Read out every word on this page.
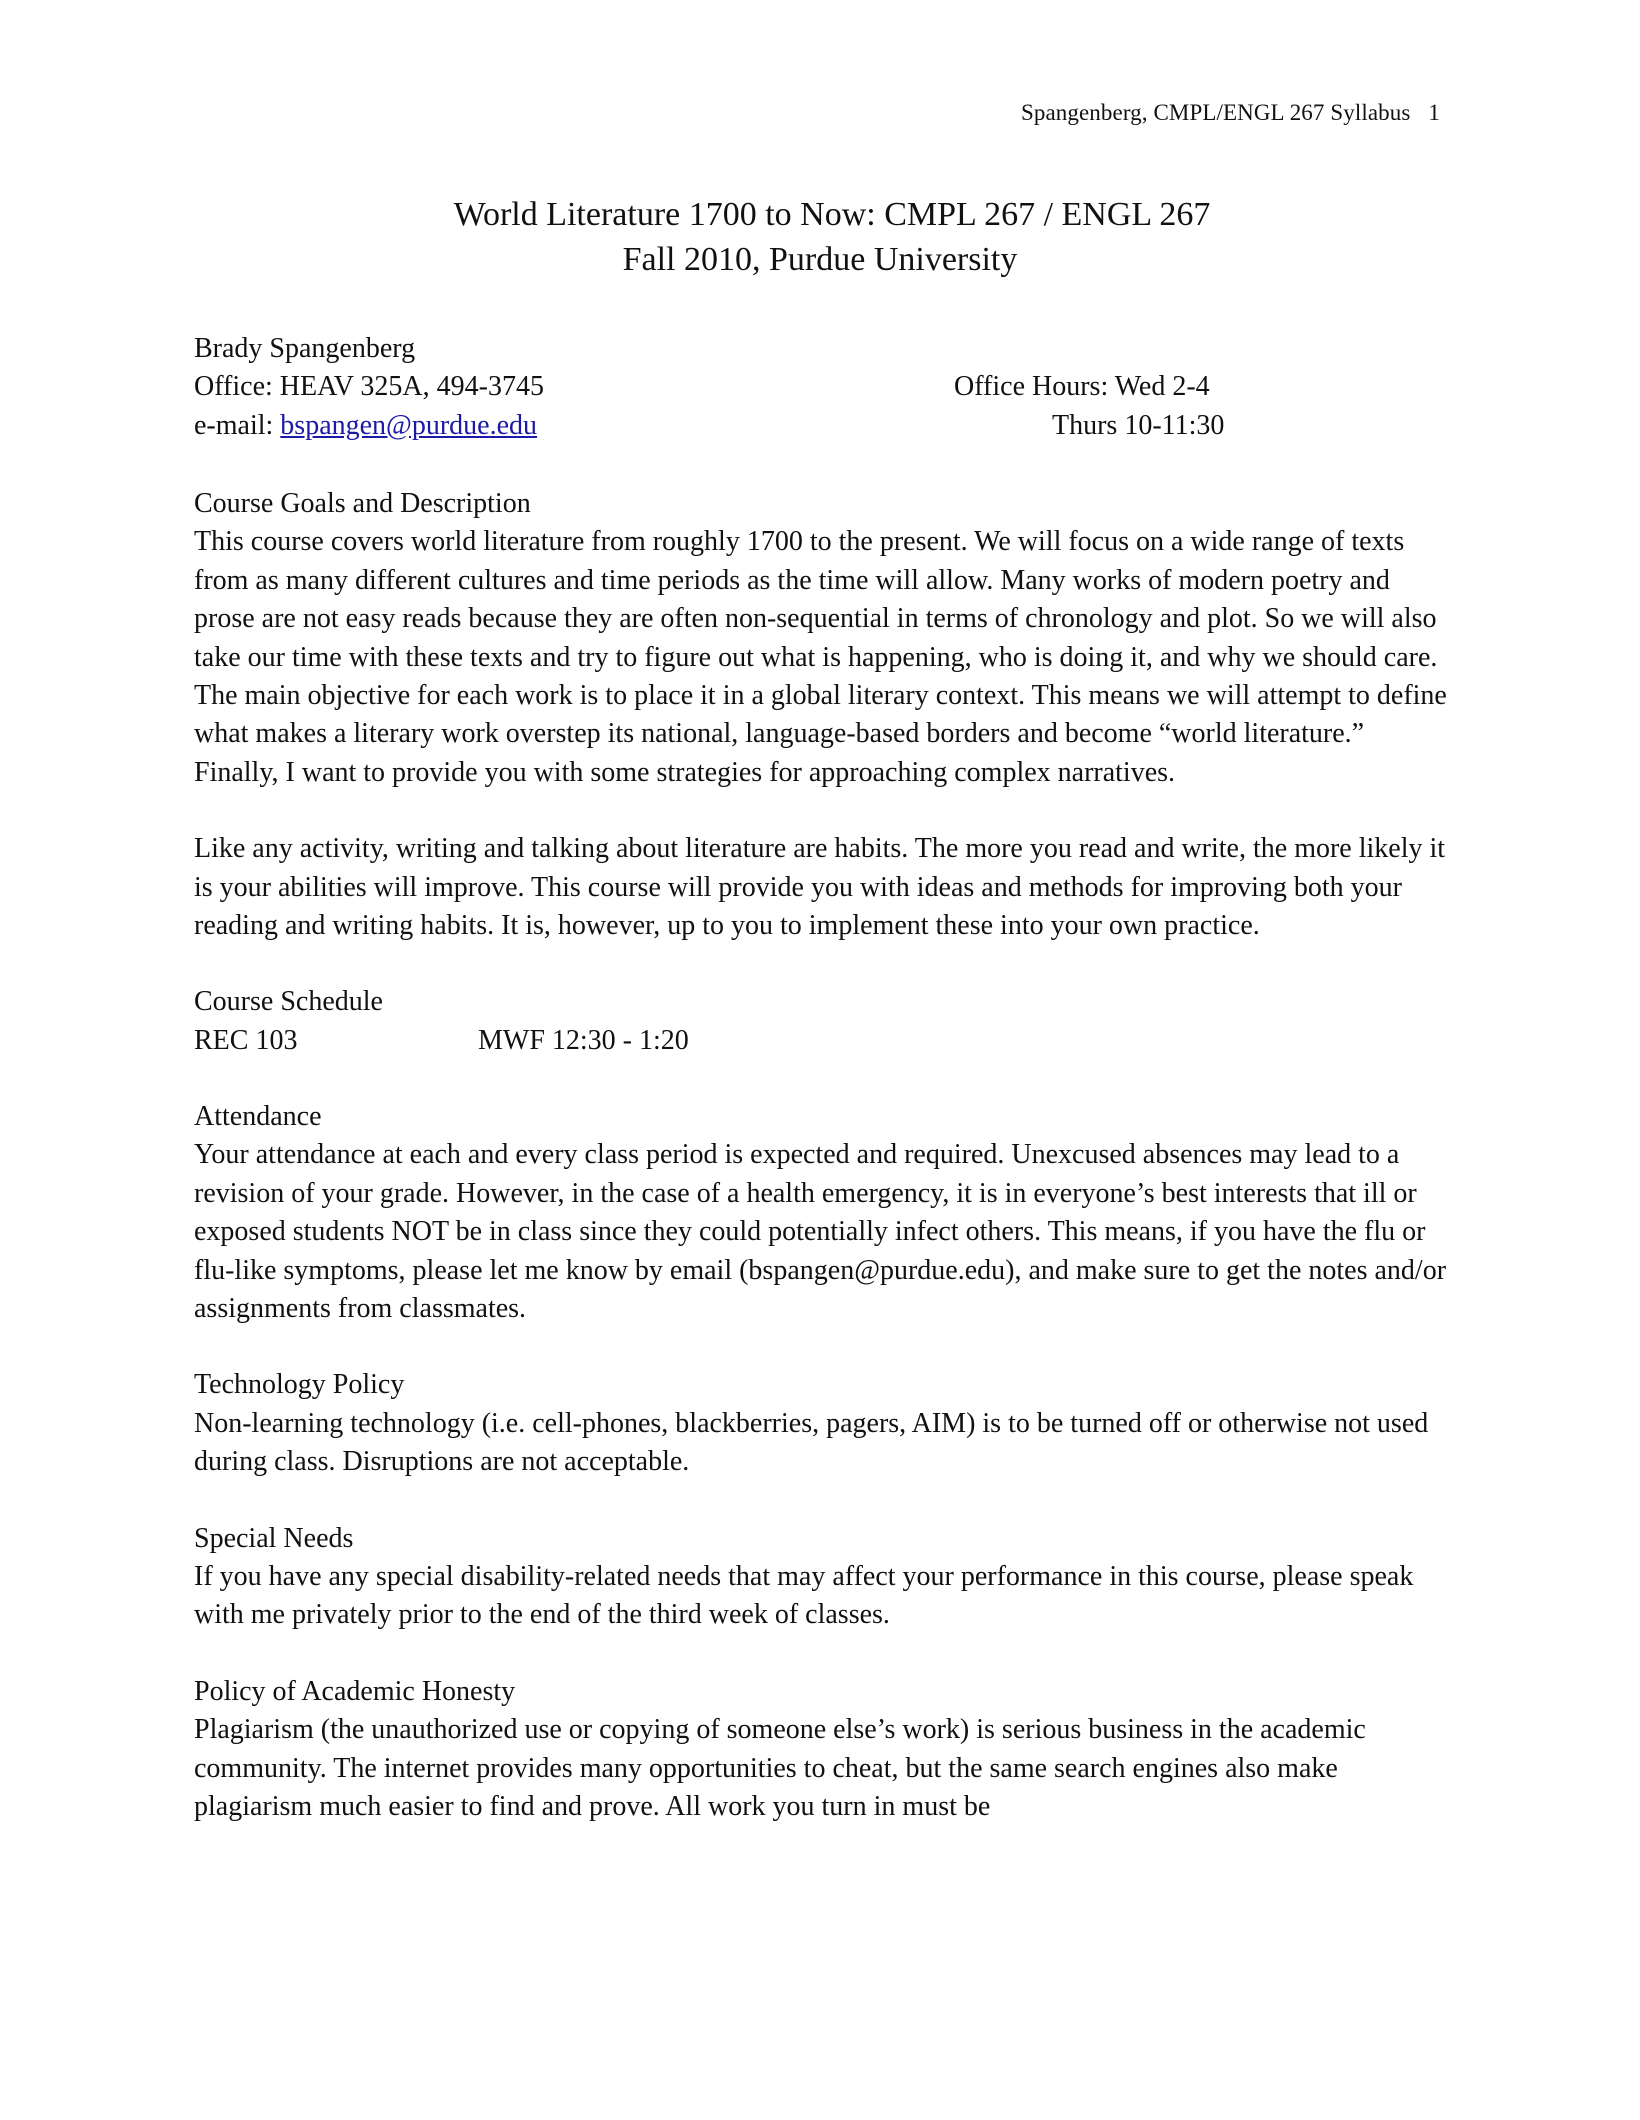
Spangenberg, CMPL/ENGL 267 Syllabus 1
World Literature 1700 to Now: CMPL 267 / ENGL 267
Fall 2010, Purdue University
Brady Spangenberg
Office: HEAV 325A, 494-3745
e-mail: bspangen@purdue.edu
Office Hours: Wed 2-4
Thurs 10-11:30
Course Goals and Description

This course covers world literature from roughly 1700 to the present. We will focus on a wide range of texts from as many different cultures and time periods as the time will allow. Many works of modern poetry and prose are not easy reads because they are often non-sequential in terms of chronology and plot. So we will also take our time with these texts and try to figure out what is happening, who is doing it, and why we should care. The main objective for each work is to place it in a global literary context. This means we will attempt to define what makes a literary work overstep its national, language-based borders and become “world literature.” Finally, I want to provide you with some strategies for approaching complex narratives.

Like any activity, writing and talking about literature are habits. The more you read and write, the more likely it is your abilities will improve. This course will provide you with ideas and methods for improving both your reading and writing habits. It is, however, up to you to implement these into your own practice.

Course Schedule
REC 103	MWF 12:30 - 1:20
Attendance

Your attendance at each and every class period is expected and required. Unexcused absences may lead to a revision of your grade. However, in the case of a health emergency, it is in everyone’s best interests that ill or exposed students NOT be in class since they could potentially infect others. This means, if you have the flu or flu-like symptoms, please let me know by email (bspangen@purdue.edu), and make sure to get the notes and/or assignments from classmates.

Technology Policy

Non-learning technology (i.e. cell-phones, blackberries, pagers, AIM) is to be turned off or otherwise not used during class. Disruptions are not acceptable.

Special Needs

If you have any special disability-related needs that may affect your performance in this course, please speak with me privately prior to the end of the third week of classes.

Policy of Academic Honesty

Plagiarism (the unauthorized use or copying of someone else’s work) is serious business in the academic community. The internet provides many opportunities to cheat, but the same search engines also make plagiarism much easier to find and prove. All work you turn in must be
